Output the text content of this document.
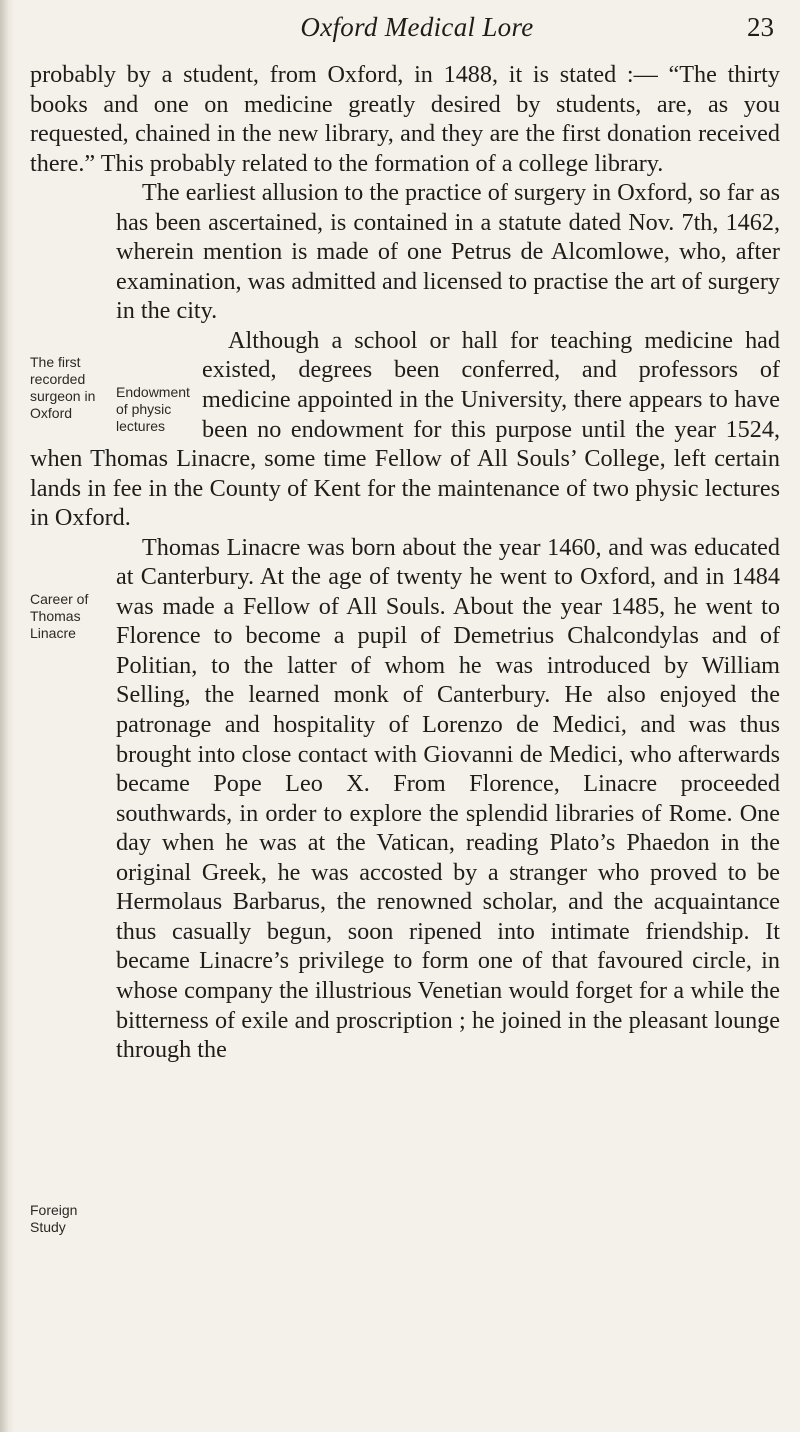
Oxford Medical Lore	23

probably by a student, from Oxford, in 1488, it is stated :— “The thirty books and one on medicine greatly desired by students, are, as you requested, chained in the new library, and they are the first donation received there.” This probably related to the formation of a college library.

The first
recorded
surgeon in
Oxford

The earliest allusion to the practice of surgery in Oxford, so far as has been ascertained, is contained in a statute dated Nov. 7th, 1462, wherein mention is made of one Petrus de Alcomlowe, who, after examination, was admitted and licensed to practise the art of surgery in the city.

Endowment
of physic
lectures

Although a school or hall for teaching medicine had existed, degrees been conferred, and professors of medicine appointed in the University, there appears to have been no endowment for this purpose until the year 1524, when Thomas Linacre, some time Fellow of All Souls’ College, left certain lands in fee in the County of Kent for the maintenance of two physic lectures in Oxford.

Career of
Thomas
Linacre
Foreign
Study

Thomas Linacre was born about the year 1460, and was educated at Canterbury. At the age of twenty he went to Oxford, and in 1484 was made a Fellow of All Souls. About the year 1485, he went to Florence to become a pupil of Demetrius Chalcondylas and of Politian, to the latter of whom he was introduced by William Selling, the learned monk of Canterbury. He also enjoyed the patronage and hospitality of Lorenzo de Medici, and was thus brought into close contact with Giovanni de Medici, who afterwards became Pope Leo X. From Florence, Linacre proceeded southwards, in order to explore the splendid libraries of Rome. One day when he was at the Vatican, reading Plato’s Phaedon in the original Greek, he was accosted by a stranger who proved to be Hermolaus Barbarus, the renowned scholar, and the acquaintance thus casually begun, soon ripened into intimate friendship. It became Linacre’s privilege to form one of that favoured circle, in whose company the illustrious Venetian would forget for a while the bitterness of exile and proscription ; he joined in the pleasant lounge through the
